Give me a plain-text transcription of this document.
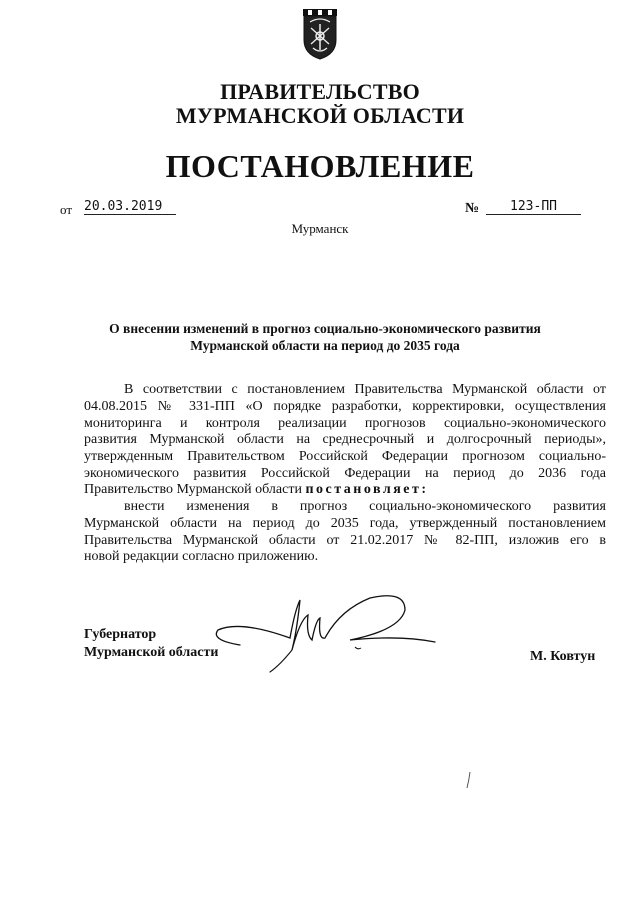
ПРАВИТЕЛЬСТВО
МУРМАНСКОЙ ОБЛАСТИ
ПОСТАНОВЛЕНИЕ
от 20.03.2019	№	123-ПП
Мурманск
О внесении изменений в прогноз социально-экономического развития
Мурманской области на период до 2035 года
В соответствии с постановлением Правительства Мурманской области от
04.08.2015 № 331-ПП «О порядке разработки, корректировки, осуществления
мониторинга и контроля реализации прогнозов социально-экономического
развития Мурманской области на среднесрочный и долгосрочный периоды»,
утвержденным Правительством Российской Федерации прогнозом социально-
экономического развития Российской Федерации на период до 2036 года
Правительство Мурманской области постановляет:
внести изменения в прогноз социально-экономического развития
Мурманской области на период до 2035 года, утвержденный постановлением
Правительства Мурманской области от 21.02.2017 № 82-ПП, изложив его в
новой редакции согласно приложению.
Губернатор
Мурманской области	М. Ковтун
